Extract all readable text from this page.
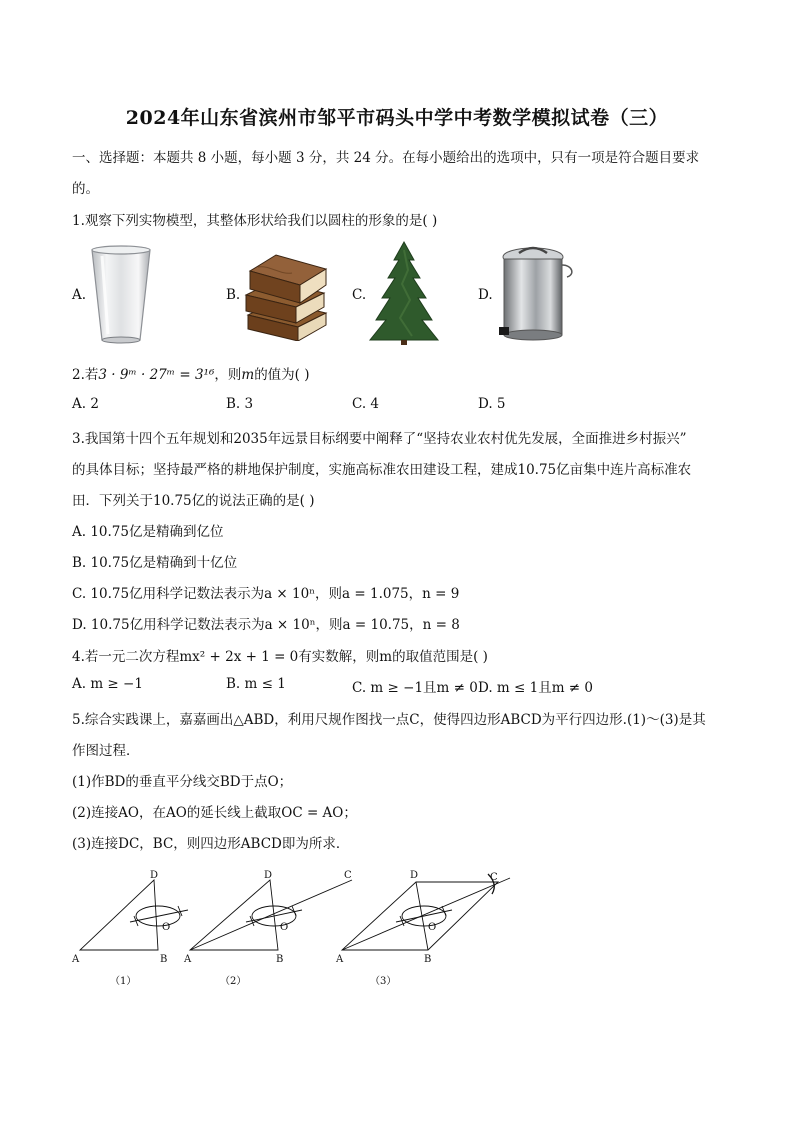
2024年山东省滨州市邹平市码头中学中考数学模拟试卷（三）
一、选择题：本题共 8 小题，每小题 3 分，共 24 分。在每小题给出的选项中，只有一项是符合题目要求
的。
1.观察下列实物模型，其整体形状给我们以圆柱的形象的是( )
A.	B.	C.	D.
2.若3 · 9ᵐ · 27ᵐ = 3¹⁶，则m的值为( )
A. 2	B. 3	C. 4	D. 5
3.我国第十四个五年规划和2035年远景目标纲要中阐释了“坚持农业农村优先发展，全面推进乡村振兴”
的具体目标；坚持最严格的耕地保护制度，实施高标准农田建设工程，建成10.75亿亩集中连片高标准农
田．下列关于10.75亿的说法正确的是( )
A. 10.75亿是精确到亿位
B. 10.75亿是精确到十亿位
C. 10.75亿用科学记数法表示为a × 10ⁿ，则a = 1.075，n = 9
D. 10.75亿用科学记数法表示为a × 10ⁿ，则a = 10.75，n = 8
4.若一元二次方程mx² + 2x + 1 = 0有实数解，则m的取值范围是( )
A. m ≥ −1	B. m ≤ 1	C. m ≥ −1且m ≠ 0 D. m ≤ 1且m ≠ 0
5.综合实践课上，嘉嘉画出△ABD，利用尺规作图找一点C，使得四边形ABCD为平行四边形.(1)～(3)是其
作图过程．
(1)作BD的垂直平分线交BD于点O；
(2)连接AO，在AO的延长线上截取OC = AO；
(3)连接DC，BC，则四边形ABCD即为所求．
A	B
D
O
（1）
A	B
D
O
C
（2）
A	B
D
O
C
（3）
